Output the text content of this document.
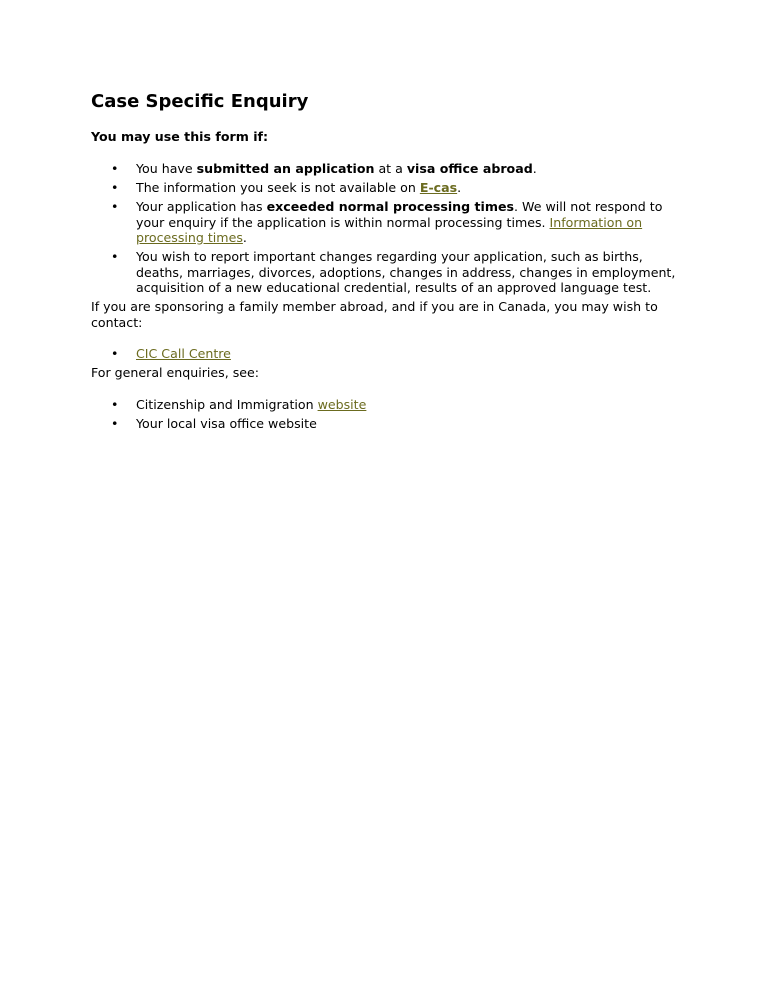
Case Specific Enquiry
You may use this form if:
• You have submitted an application at a visa office abroad.
• The information you seek is not available on E-cas.
• Your application has exceeded normal processing times. We will not respond to your enquiry if the application is within normal processing times. Information on processing times.
• You wish to report important changes regarding your application, such as births, deaths, marriages, divorces, adoptions, changes in address, changes in employment, acquisition of a new educational credential, results of an approved language test.

If you are sponsoring a family member abroad, and if you are in Canada, you may wish to contact:

• CIC Call Centre

For general enquiries, see:

• Citizenship and Immigration website
• Your local visa office website
